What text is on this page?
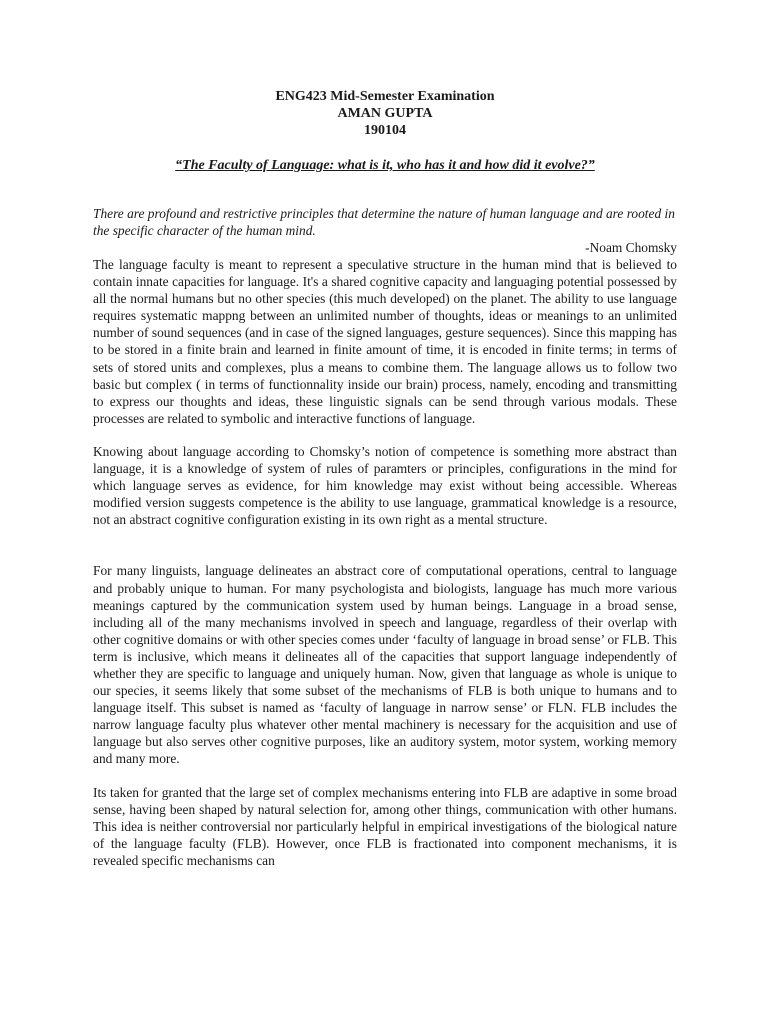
ENG423 Mid-Semester Examination
AMAN GUPTA
190104
“The Faculty of Language: what is it, who has it and how did it evolve?”
There are profound and restrictive principles that determine the nature of human language and are rooted in the specific character of the human mind.
-Noam Chomsky

The language faculty is meant to represent a speculative structure in the human mind that is believed to contain innate capacities for language. It's a shared cognitive capacity and languaging potential possessed by all the normal humans but no other species (this much developed) on the planet. The ability to use language requires systematic mappng between an unlimited number of thoughts, ideas or meanings to an unlimited number of sound sequences (and in case of the signed languages, gesture sequences). Since this mapping has to be stored in a finite brain and learned in finite amount of time, it is encoded in finite terms; in terms of sets of stored units and complexes, plus a means to combine them. The language allows us to follow two basic but complex ( in terms of functionnality inside our brain) process, namely, encoding and transmitting to express our thoughts and ideas, these linguistic signals can be send through various modals. These processes are related to symbolic and interactive functions of language.

Knowing about language according to Chomsky’s notion of competence is something more abstract than language, it is a knowledge of system of rules of paramters or principles, configurations in the mind for which language serves as evidence, for him knowledge may exist without being accessible. Whereas modified version suggests competence is the ability to use language, grammatical knowledge is a resource, not an abstract cognitive configuration existing in its own right as a mental structure.

For many linguists, language delineates an abstract core of computational operations, central to language and probably unique to human. For many psychologista and biologists, language has much more various meanings captured by the communication system used by human beings. Language in a broad sense, including all of the many mechanisms involved in speech and language, regardless of their overlap with other cognitive domains or with other species comes under ‘faculty of language in broad sense’ or FLB. This term is inclusive, which means it delineates all of the capacities that support language independently of whether they are specific to language and uniquely human. Now, given that language as whole is unique to our species, it seems likely that some subset of the mechanisms of FLB is both unique to humans and to language itself. This subset is named as ‘faculty of language in narrow sense’ or FLN. FLB includes the narrow language faculty plus whatever other mental machinery is necessary for the acquisition and use of language but also serves other cognitive purposes, like an auditory system, motor system, working memory and many more.

Its taken for granted that the large set of complex mechanisms entering into FLB are adaptive in some broad sense, having been shaped by natural selection for, among other things, communication with other humans. This idea is neither controversial nor particularly helpful in empirical investigations of the biological nature of the language faculty (FLB). However, once FLB is fractionated into component mechanisms, it is revealed specific mechanisms can
